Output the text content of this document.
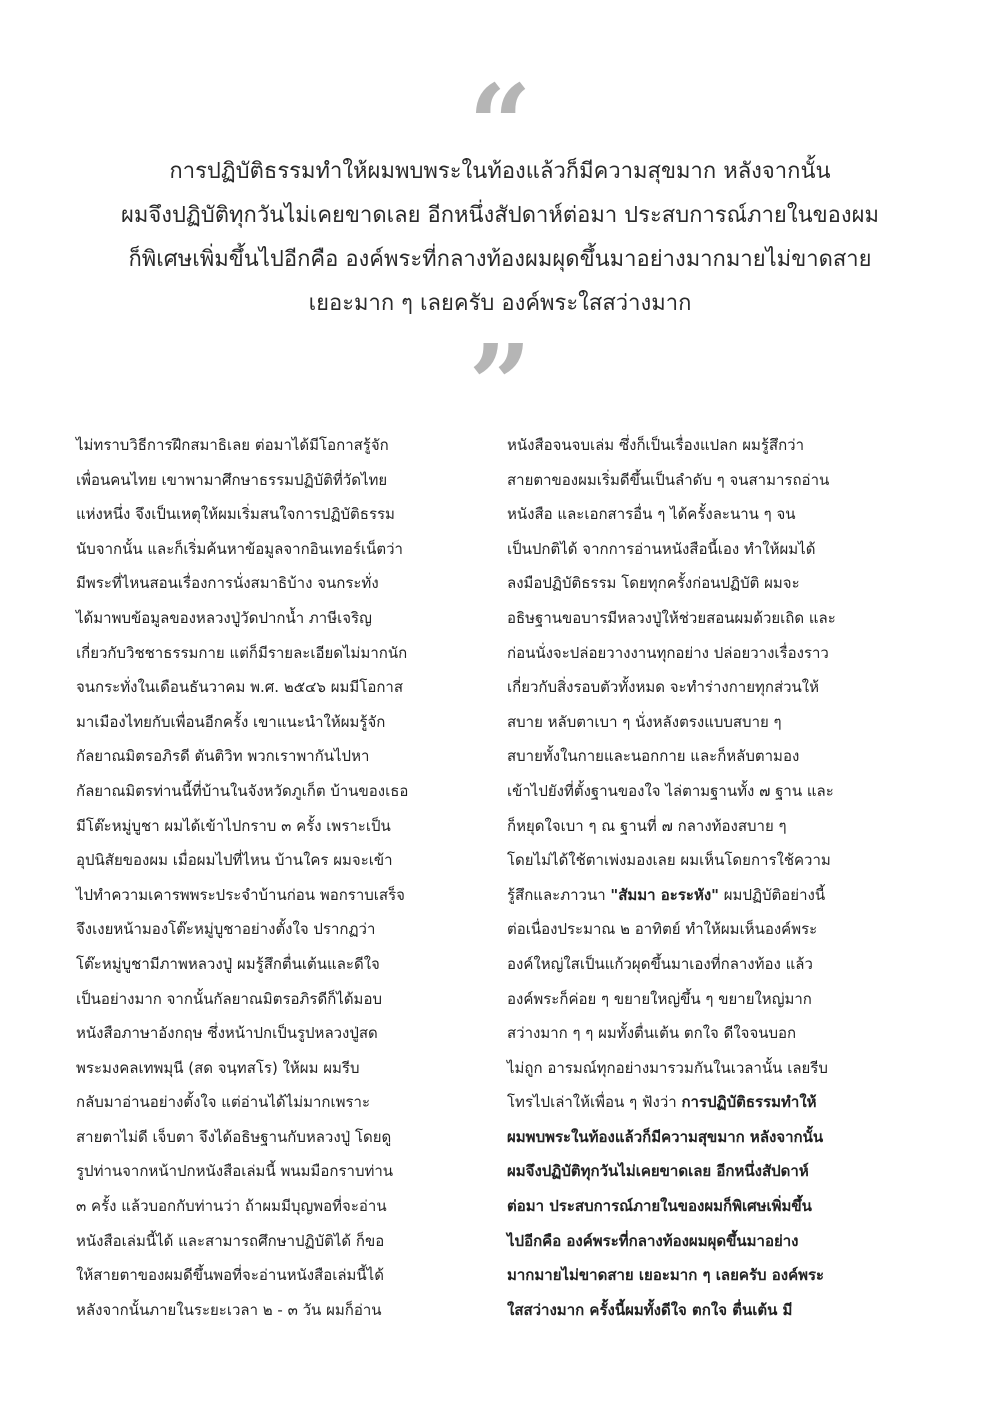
“
การปฏิบัติธรรมทำให้ผมพบพระในท้องแล้วก็มีความสุขมาก หลังจากนั้น
ผมจึงปฏิบัติทุกวันไม่เคยขาดเลย อีกหนึ่งสัปดาห์ต่อมา ประสบการณ์ภายในของผม
ก็พิเศษเพิ่มขึ้นไปอีกคือ องค์พระที่กลางท้องผมผุดขึ้นมาอย่างมากมายไม่ขาดสาย
เยอะมาก ๆ เลยครับ องค์พระใสสว่างมาก
”
ไม่ทราบวิธีการฝึกสมาธิเลย ต่อมาได้มีโอกาสรู้จัก
เพื่อนคนไทย เขาพามาศึกษาธรรมปฏิบัติที่วัดไทย
แห่งหนึ่ง จึงเป็นเหตุให้ผมเริ่มสนใจการปฏิบัติธรรม
นับจากนั้น และก็เริ่มค้นหาข้อมูลจากอินเทอร์เน็ตว่า
มีพระที่ไหนสอนเรื่องการนั่งสมาธิบ้าง จนกระทั่ง
ได้มาพบข้อมูลของหลวงปู่วัดปากน้ำ ภาษีเจริญ
เกี่ยวกับวิชชาธรรมกาย แต่ก็มีรายละเอียดไม่มากนัก
จนกระทั่งในเดือนธันวาคม พ.ศ. ๒๕๔๖ ผมมีโอกาส
มาเมืองไทยกับเพื่อนอีกครั้ง เขาแนะนำให้ผมรู้จัก
กัลยาณมิตรอภิรดี ตันติวิท พวกเราพากันไปหา
กัลยาณมิตรท่านนี้ที่บ้านในจังหวัดภูเก็ต บ้านของเธอ
มีโต๊ะหมู่บูชา ผมได้เข้าไปกราบ ๓ ครั้ง เพราะเป็น
อุปนิสัยของผม เมื่อผมไปที่ไหน บ้านใคร ผมจะเข้า
ไปทำความเคารพพระประจำบ้านก่อน พอกราบเสร็จ
จึงเงยหน้ามองโต๊ะหมู่บูชาอย่างตั้งใจ ปรากฏว่า
โต๊ะหมู่บูชามีภาพหลวงปู่ ผมรู้สึกตื่นเต้นและดีใจ
เป็นอย่างมาก จากนั้นกัลยาณมิตรอภิรดีก็ได้มอบ
หนังสือภาษาอังกฤษ ซึ่งหน้าปกเป็นรูปหลวงปู่สด
พระมงคลเทพมุนี (สด จนฺทสโร) ให้ผม ผมรีบ
กลับมาอ่านอย่างตั้งใจ แต่อ่านได้ไม่มากเพราะ
สายตาไม่ดี เจ็บตา จึงได้อธิษฐานกับหลวงปู่ โดยดู
รูปท่านจากหน้าปกหนังสือเล่มนี้ พนมมือกราบท่าน
๓ ครั้ง แล้วบอกกับท่านว่า ถ้าผมมีบุญพอที่จะอ่าน
หนังสือเล่มนี้ได้ และสามารถศึกษาปฏิบัติได้ ก็ขอ
ให้สายตาของผมดีขึ้นพอที่จะอ่านหนังสือเล่มนี้ได้
หลังจากนั้นภายในระยะเวลา ๒ - ๓ วัน ผมก็อ่าน
หนังสือจนจบเล่ม ซึ่งก็เป็นเรื่องแปลก ผมรู้สึกว่า
สายตาของผมเริ่มดีขึ้นเป็นลำดับ ๆ จนสามารถอ่าน
หนังสือ และเอกสารอื่น ๆ ได้ครั้งละนาน ๆ จน
เป็นปกติได้ จากการอ่านหนังสือนี้เอง ทำให้ผมได้
ลงมือปฏิบัติธรรม โดยทุกครั้งก่อนปฏิบัติ ผมจะ
อธิษฐานขอบารมีหลวงปู่ให้ช่วยสอนผมด้วยเถิด และ
ก่อนนั่งจะปล่อยวางงานทุกอย่าง ปล่อยวางเรื่องราว
เกี่ยวกับสิ่งรอบตัวทั้งหมด จะทำร่างกายทุกส่วนให้
สบาย หลับตาเบา ๆ นั่งหลังตรงแบบสบาย ๆ
สบายทั้งในกายและนอกกาย และก็หลับตามอง
เข้าไปยังที่ตั้งฐานของใจ ไล่ตามฐานทั้ง ๗ ฐาน และ
ก็หยุดใจเบา ๆ ณ ฐานที่ ๗ กลางท้องสบาย ๆ
โดยไม่ได้ใช้ตาเพ่งมองเลย ผมเห็นโดยการใช้ความ
รู้สึกและภาวนา "สัมมา อะระหัง" ผมปฏิบัติอย่างนี้
ต่อเนื่องประมาณ ๒ อาทิตย์ ทำให้ผมเห็นองค์พระ
องค์ใหญ่ใสเป็นแก้วผุดขึ้นมาเองที่กลางท้อง แล้ว
องค์พระก็ค่อย ๆ ขยายใหญ่ขึ้น ๆ ขยายใหญ่มาก
สว่างมาก ๆ ๆ ผมทั้งตื่นเต้น ตกใจ ดีใจจนบอก
ไม่ถูก อารมณ์ทุกอย่างมารวมกันในเวลานั้น เลยรีบ
โทรไปเล่าให้เพื่อน ๆ ฟังว่า การปฏิบัติธรรมทำให้
ผมพบพระในท้องแล้วก็มีความสุขมาก หลังจากนั้น
ผมจึงปฏิบัติทุกวันไม่เคยขาดเลย อีกหนึ่งสัปดาห์
ต่อมา ประสบการณ์ภายในของผมก็พิเศษเพิ่มขึ้น
ไปอีกคือ องค์พระที่กลางท้องผมผุดขึ้นมาอย่าง
มากมายไม่ขาดสาย เยอะมาก ๆ เลยครับ องค์พระ
ใสสว่างมาก ครั้งนี้ผมทั้งดีใจ ตกใจ ตื่นเต้น มี
